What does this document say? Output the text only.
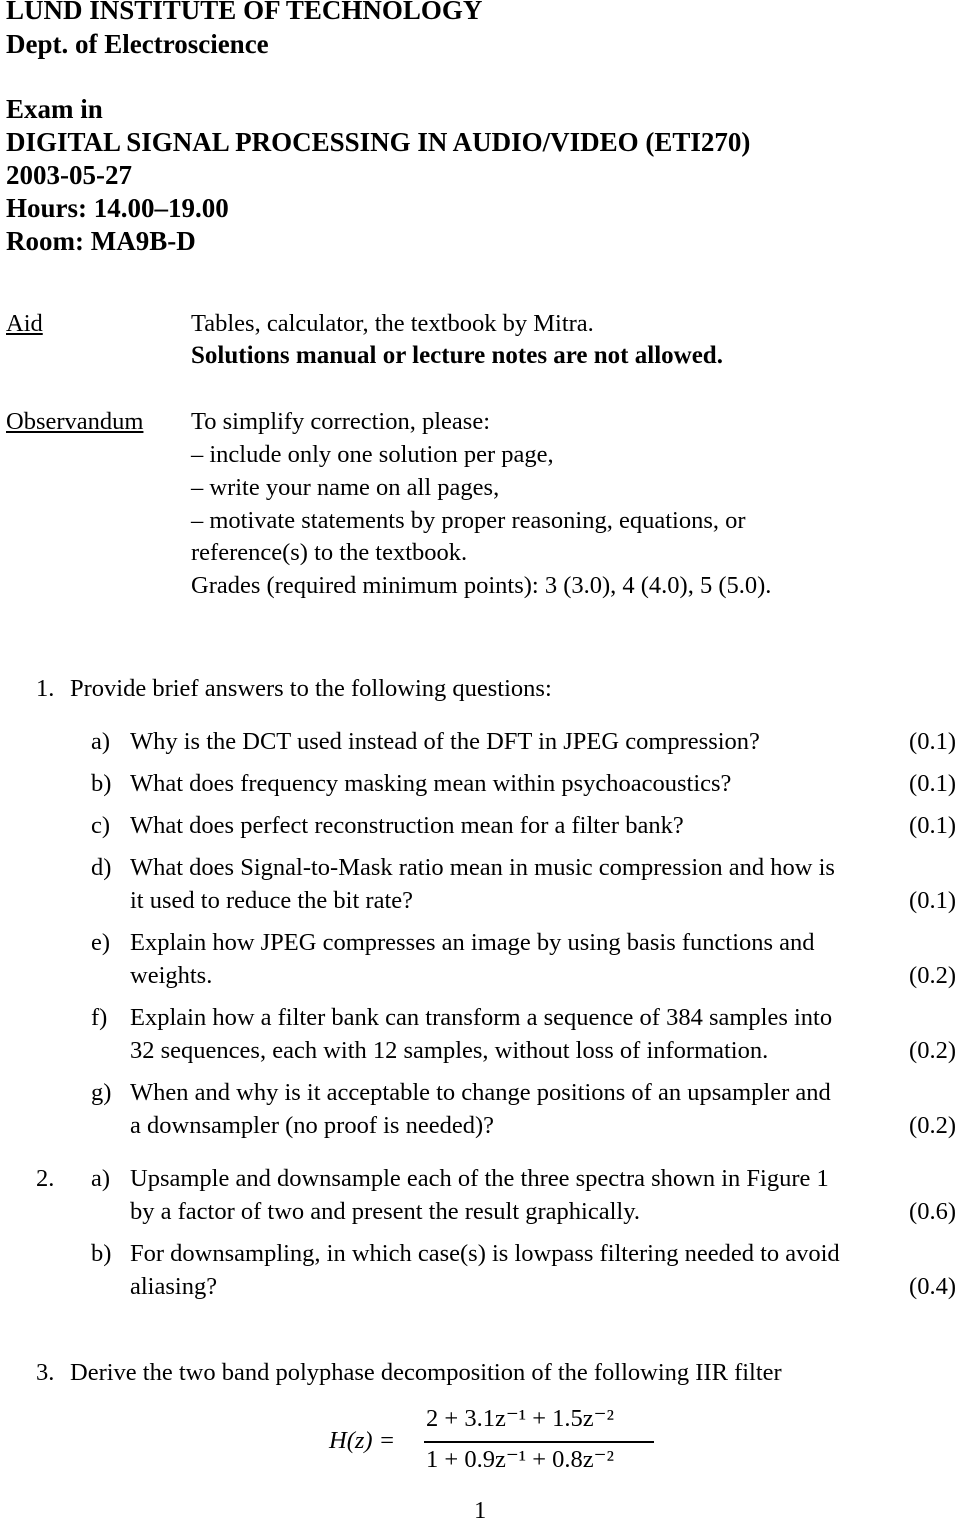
LUND INSTITUTE OF TECHNOLOGY
Dept. of Electroscience
Exam in
DIGITAL SIGNAL PROCESSING IN AUDIO/VIDEO (ETI270)
2003-05-27
Hours: 14.00–19.00
Room: MA9B-D
Aid	Tables, calculator, the textbook by Mitra.
Solutions manual or lecture notes are not allowed.
Observandum To simplify correction, please:
– include only one solution per page,
– write your name on all pages,
– motivate statements by proper reasoning, equations, or
reference(s) to the textbook.
Grades (required minimum points): 3 (3.0), 4 (4.0), 5 (5.0).
1. Provide brief answers to the following questions:
a) Why is the DCT used instead of the DFT in JPEG compression?	(0.1)
b) What does frequency masking mean within psychoacoustics?	(0.1)
c) What does perfect reconstruction mean for a filter bank?	(0.1)
d) What does Signal-to-Mask ratio mean in music compression and how is
it used to reduce the bit rate?	(0.1)
e) Explain how JPEG compresses an image by using basis functions and
weights.	(0.2)
f) Explain how a filter bank can transform a sequence of 384 samples into
32 sequences, each with 12 samples, without loss of information.	(0.2)
g) When and why is it acceptable to change positions of an upsampler and
a downsampler (no proof is needed)?	(0.2)
2. a) Upsample and downsample each of the three spectra shown in Figure 1
by a factor of two and present the result graphically.	(0.6)
b) For downsampling, in which case(s) is lowpass filtering needed to avoid
aliasing?	(0.4)
3. Derive the two band polyphase decomposition of the following IIR filter
H(z) =
2 + 3.1z⁻¹ + 1.5z⁻²
1 + 0.9z⁻¹ + 0.8z⁻²
1
